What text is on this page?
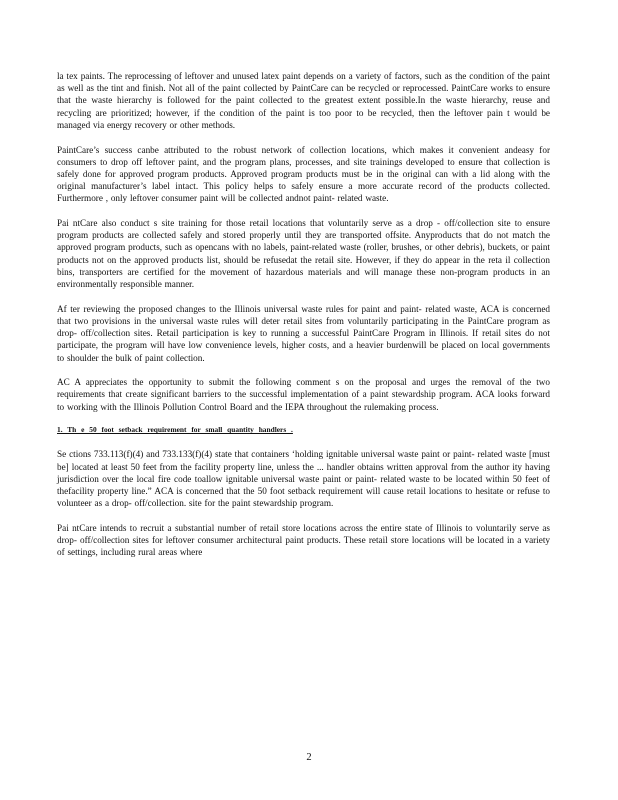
la tex paints. The reprocessing of leftover and unused latex paint depends on a variety of factors, such as the condition of the paint as well as the tint and finish. Not all of the paint collected by PaintCare can be recycled or reprocessed. PaintCare works to ensure that the waste hierarchy is followed for the paint collected to the greatest extent possible.In the waste hierarchy, reuse and recycling are prioritized; however, if the condition of the paint is too poor to be recycled, then the leftover pain t would be managed via energy recovery or other methods.

PaintCare’s success canbe attributed to the robust network of collection locations, which makes it convenient andeasy for consumers to drop off leftover paint, and the program plans, processes, and site trainings developed to ensure that collection is safely done for approved program products. Approved program products must be in the original can with a lid along with the original manufacturer’s label intact. This policy helps to safely ensure a more accurate record of the products collected. Furthermore , only leftover consumer paint will be collected andnot paint- related waste.

Pai ntCare also conduct s site training for those retail locations that voluntarily serve as a drop - off/collection site to ensure program products are collected safely and stored properly until they are transported offsite. Anyproducts that do not match the approved program products, such as opencans with no labels, paint-related waste (roller, brushes, or other debris), buckets, or paint products not on the approved products list, should be refusedat the retail site. However, if they do appear in the reta il collection bins, transporters are certified for the movement of hazardous materials and will manage these non-program products in an environmentally responsible manner.

Af ter reviewing the proposed changes to the Illinois universal waste rules for paint and paint- related waste, ACA is concerned that two provisions in the universal waste rules will deter retail sites from voluntarily participating in the PaintCare program as drop- off/collection sites. Retail participation is key to running a successful PaintCare Program in Illinois. If retail sites do not participate, the program will have low convenience levels, higher costs, and a heavier burdenwill be placed on local governments to shoulder the bulk of paint collection.

AC A appreciates the opportunity to submit the following comment s on the proposal and urges the removal of the two requirements that create significant barriers to the successful implementation of a paint stewardship program. ACA looks forward to working with the Illinois Pollution Control Board and the IEPA throughout the rulemaking process.

1. Th e 50 foot setback requirement for small quantity handlers .

Se ctions 733.113(f)(4) and 733.133(f)(4) state that containers ‘holding ignitable universal waste paint or paint- related waste [must be] located at least 50 feet from the facility property line, unless the ... handler obtains written approval from the author ity having jurisdiction over the local fire code toallow ignitable universal waste paint or paint- related waste to be located within 50 feet of thefacility property line.” ACA is concerned that the 50 foot setback requirement will cause retail locations to hesitate or refuse to volunteer as a drop- off/collection. site for the paint stewardship program.

Pai ntCare intends to recruit a substantial number of retail store locations across the entire state of Illinois to voluntarily serve as drop- off/collection sites for leftover consumer architectural paint products. These retail store locations will be located in a variety of settings, including rural areas where

2
